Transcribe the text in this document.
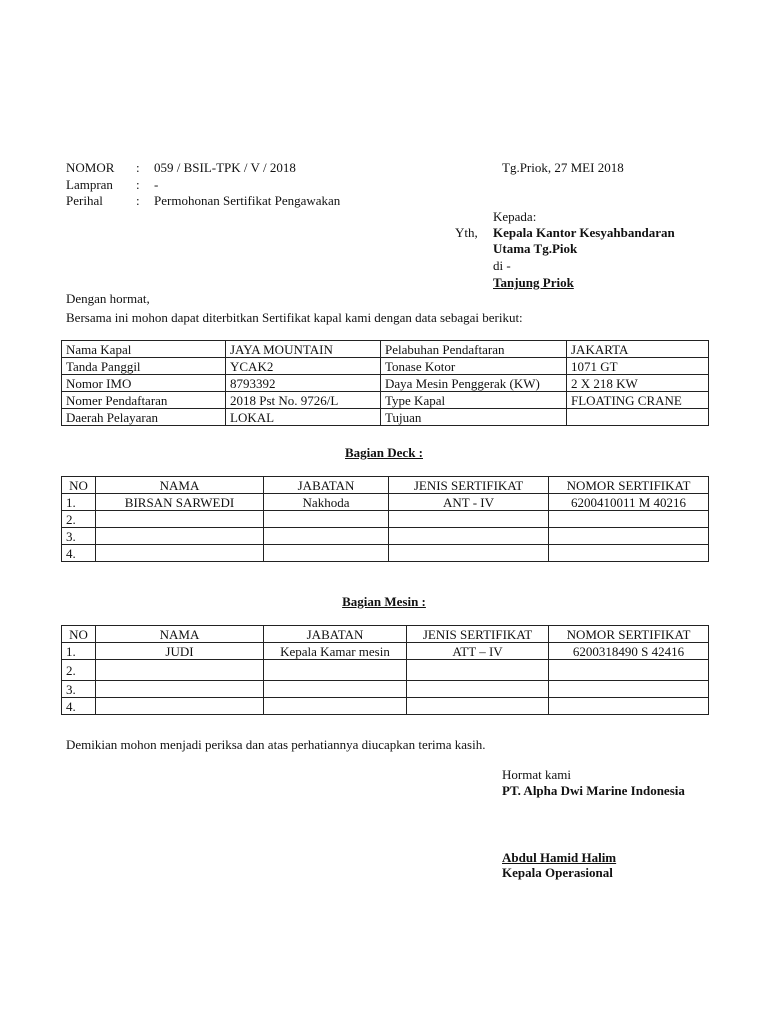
NOMOR : 059 / BSIL-TPK / V / 2018	Tg.Priok, 27 MEI 2018
Lampran : -
Perihal	: Permohonan Sertifikat Pengawakan
Kepada:
Yth, Kepala Kantor Kesyahbandaran
Utama Tg.Piok
di -
Tanjung Priok
Dengan hormat,
Bersama ini mohon dapat diterbitkan Sertifikat kapal kami dengan data sebagai berikut:
Nama Kapal	JAYA MOUNTAIN	Pelabuhan Pendaftaran	JAKARTA
Tanda Panggil	YCAK2	Tonase Kotor	1071 GT
Nomor IMO	8793392	Daya Mesin Penggerak (KW)	2 X 218 KW
Nomer Pendaftaran	2018 Pst No. 9726/L	Type Kapal	FLOATING CRANE
Daerah Pelayaran	LOKAL	Tujuan	
Bagian Deck :
NO	NAMA	JABATAN	JENIS SERTIFIKAT	NOMOR SERTIFIKAT
1.	BIRSAN SARWEDI	Nakhoda	ANT - IV	6200410011 M 40216
2.				
3.				
4.				
Bagian Mesin :
NO	NAMA	JABATAN	JENIS SERTIFIKAT	NOMOR SERTIFIKAT
1.	JUDI	Kepala Kamar mesin	ATT – IV	6200318490 S 42416
2.				
3.				
4.				
Demikian mohon menjadi periksa dan atas perhatiannya diucapkan terima kasih.
Hormat kami
PT. Alpha Dwi Marine Indonesia
Abdul Hamid Halim
Kepala Operasional
